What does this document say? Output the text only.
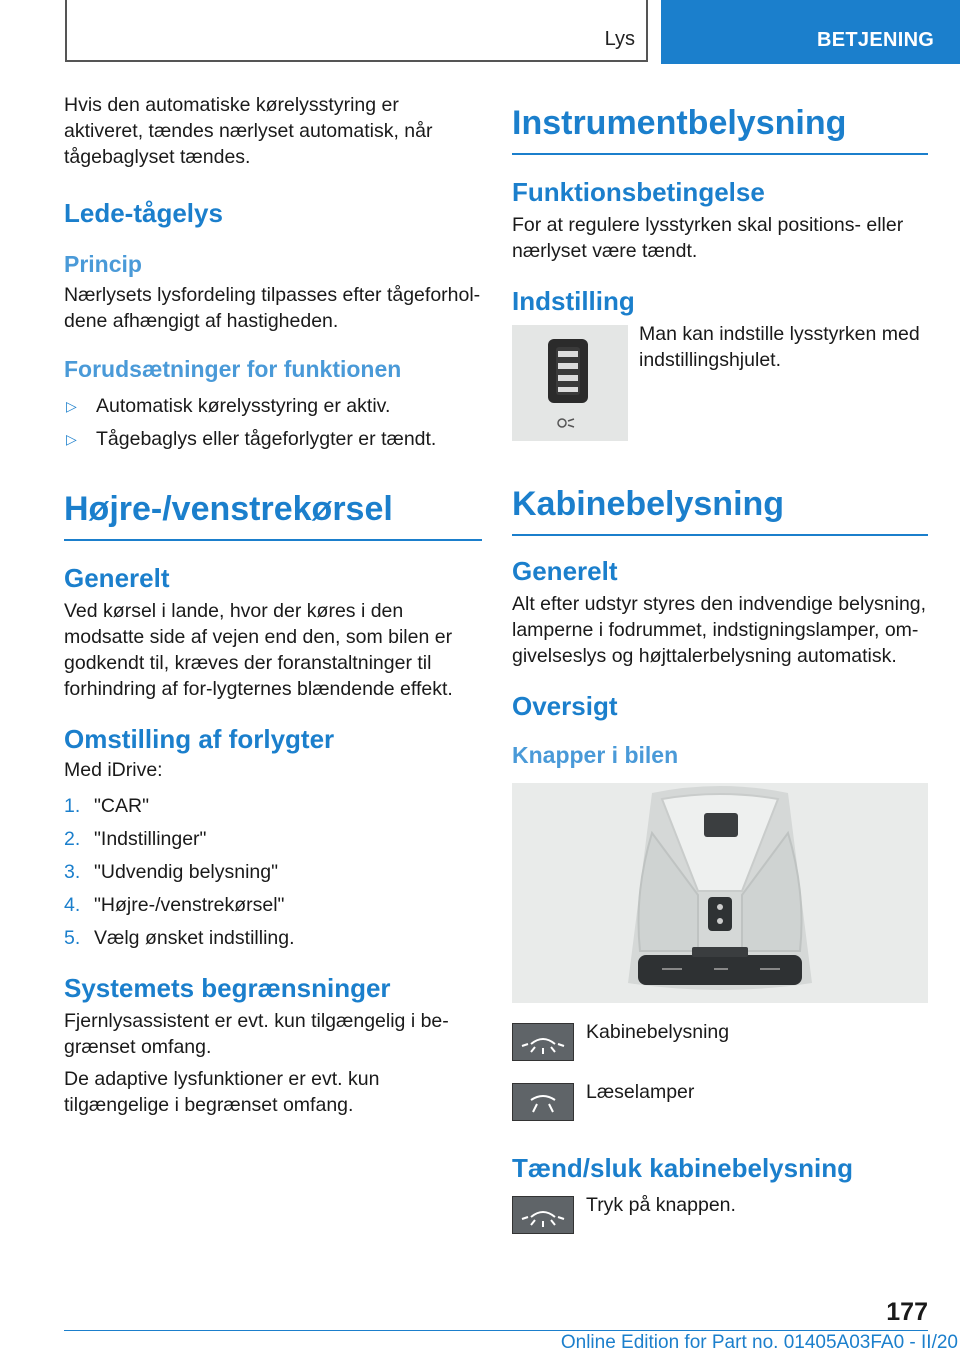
Lys	BETJENING

Hvis den automatiske kørelysstyring er aktiveret, tændes nærlyset automatisk, når tågebaglyset tændes.

Lede-tågelys
Princip

Nærlysets lysfordeling tilpasses efter tågeforhol‐dene afhængigt af hastigheden.

Forudsætninger for funktionen
▷ Automatisk kørelysstyring er aktiv.
▷ Tågebaglys eller tågeforlygter er tændt.
Højre-/venstrekørsel
Generelt

Ved kørsel i lande, hvor der køres i den modsatte side af vejen end den, som bilen er godkendt til, kræves der foranstaltninger til forhindring af for‐lygternes blændende effekt.

Omstilling af forlygter

Med iDrive:

1. "CAR"
2. "Indstillinger"
3. "Udvendig belysning"
4. "Højre-/venstrekørsel"
5. Vælg ønsket indstilling.
Systemets begrænsninger

Fjernlysassistent er evt. kun tilgængelig i be‐grænset omfang.

De adaptive lysfunktioner er evt. kun tilgængelige i begrænset omfang.

Instrumentbelysning
Funktionsbetingelse

For at regulere lysstyrken skal positions- eller nærlyset være tændt.

Indstilling

Man kan indstille lysstyrken med indstillingshjulet.

Kabinebelysning
Generelt

Alt efter udstyr styres den indvendige belysning, lamperne i fodrummet, indstigningslamper, om‐givelseslys og højttalerbelysning automatisk.

Oversigt
Knapper i bilen

Kabinebelysning

Læselamper

Tænd/sluk kabinebelysning

Tryk på knappen.

177
Online Edition for Part no. 01405A03FA0 - II/20
